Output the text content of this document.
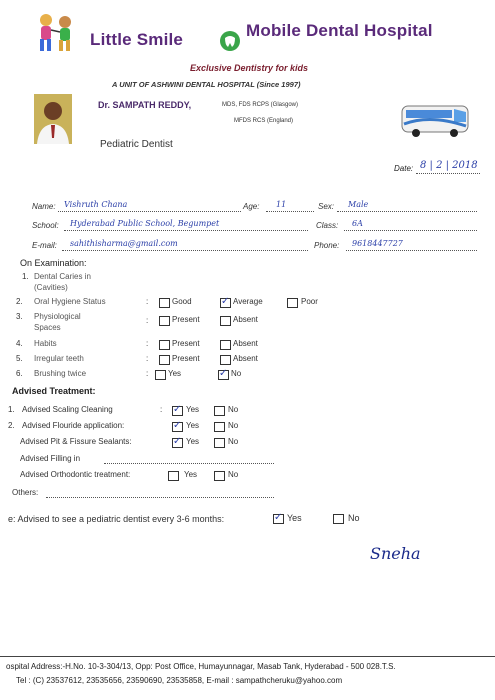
Little Smile	Mobile Dental Hospital
Exclusive Dentistry for kids
A UNIT OF ASHWINI DENTAL HOSPITAL (Since 1997)
Dr. SAMPATH REDDY,	MDS, FDS RCPS (Glasgow)
MFDS RCS (England)
Pediatric Dentist
Date: 8 | 2 | 2018
Name: Vishruth Chana	Age: 11	Sex: Male
School: Hyderabad Public School, Begumpet	Class: 6A
E-mail: sahithisharma@gmail.com	Phone: 9618447727
On Examination:
1. Dental Caries in
(Cavities)
2. Oral Hygiene Status	:	Good ✓	Average	Poor
3. Physiological
Spaces
:	Present	Absent
4. Habits	:	Present	Absent
5. Irregular teeth	:	Present	Absent
6. Brushing twice	: Yes ✓	No
Advised Treatment:
1. Advised Scaling Cleaning	: ✓	Yes	No
2. Advised Flouride application: ✓	Yes	No
Advised Pit & Fissure Sealants: ✓	Yes	No
Advised Filling in
Advised Orthodontic treatment:	Yes	No
Others:
e: Advised to see a pediatric dentist every 3-6 months: ✓	Yes	No
Sneha
ospital Address:-H.No. 10-3-304/13, Opp: Post Office, Humayunnagar, Masab Tank, Hyderabad - 500 028.T.S.
Tel : (C) 23537612, 23535656, 23590690, 23535858, E-mail : sampathcheruku@yahoo.com
